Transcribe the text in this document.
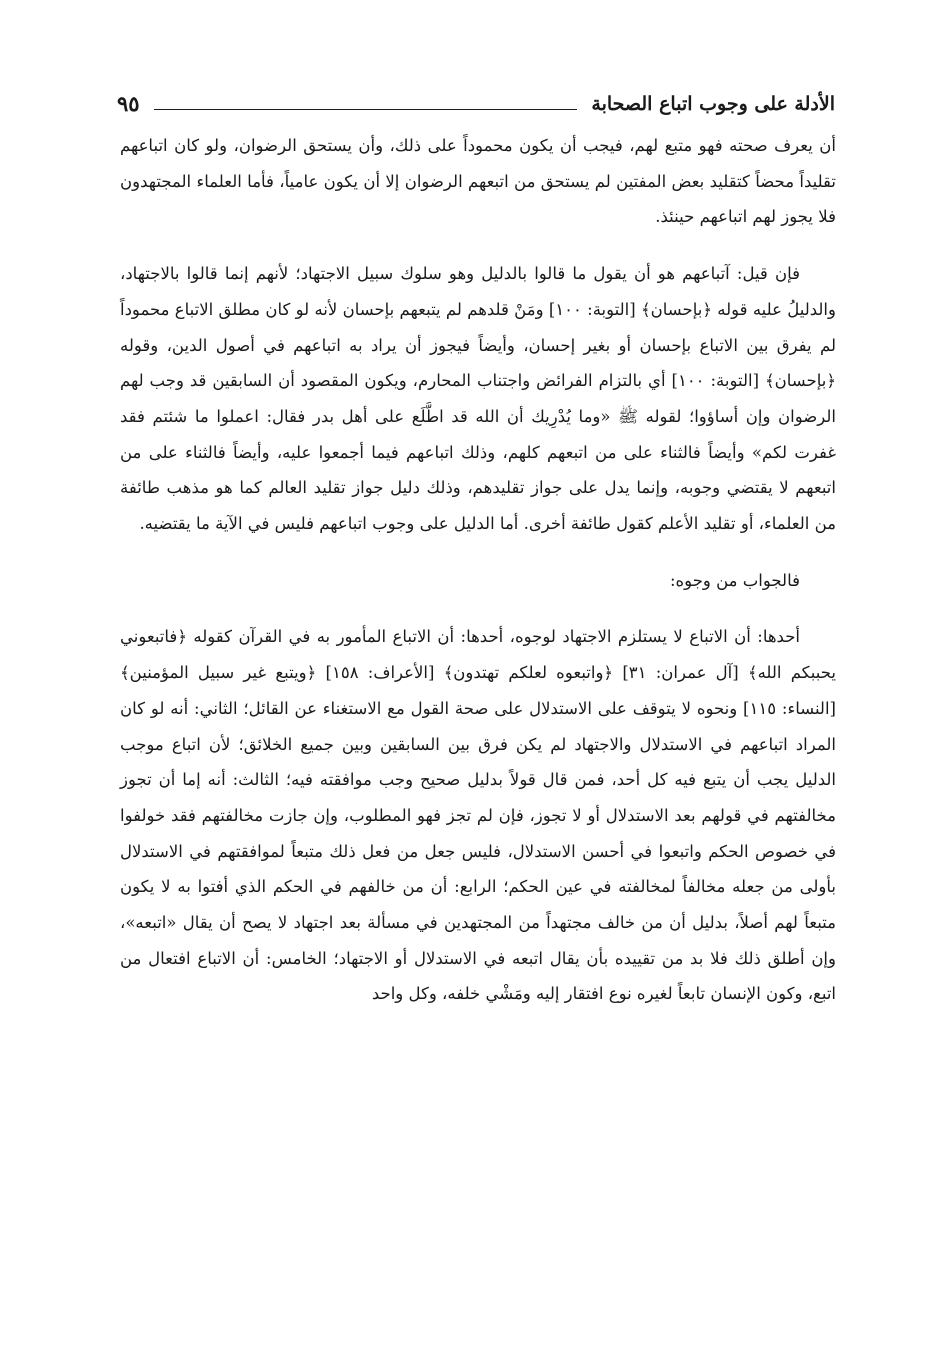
الأدلة على وجوب اتباع الصحابة
٩٥

أن يعرف صحته فهو متبع لهم، فيجب أن يكون محموداً على ذلك، وأن يستحق الرضوان، ولو كان اتباعهم تقليداً محضاً كتقليد بعض المفتين لم يستحق من اتبعهم الرضوان إلا أن يكون عامياً، فأما العلماء المجتهدون فلا يجوز لهم اتباعهم حينئذ.

فإن قيل: آتباعهم هو أن يقول ما قالوا بالدليل وهو سلوك سبيل الاجتهاد؛ لأنهم إنما قالوا بالاجتهاد، والدليلُ عليه قوله ﴿بإحسان﴾ [التوبة: ١٠٠] ومَنْ قلدهم لم يتبعهم بإحسان لأنه لو كان مطلق الاتباع محموداً لم يفرق بين الاتباع بإحسان أو بغير إحسان، وأيضاً فيجوز أن يراد به اتباعهم في أصول الدين، وقوله ﴿بإحسان﴾ [التوبة: ١٠٠] أي بالتزام الفرائض واجتناب المحارم، ويكون المقصود أن السابقين قد وجب لهم الرضوان وإن أساؤوا؛ لقوله ﷺ «وما يُدْرِيك أن الله قد اطَّلَع على أهل بدر فقال: اعملوا ما شئتم فقد غفرت لكم» وأيضاً فالثناء على من اتبعهم كلهم، وذلك اتباعهم فيما أجمعوا عليه، وأيضاً فالثناء على من اتبعهم لا يقتضي وجوبه، وإنما يدل على جواز تقليدهم، وذلك دليل جواز تقليد العالم كما هو مذهب طائفة من العلماء، أو تقليد الأعلم كقول طائفة أخرى. أما الدليل على وجوب اتباعهم فليس في الآية ما يقتضيه.

فالجواب من وجوه:

أحدها: أن الاتباع لا يستلزم الاجتهاد لوجوه، أحدها: أن الاتباع المأمور به في القرآن كقوله ﴿فاتبعوني يحببكم الله﴾ [آل عمران: ٣١] ﴿واتبعوه لعلكم تهتدون﴾ [الأعراف: ١٥٨] ﴿ويتبع غير سبيل المؤمنين﴾ [النساء: ١١٥] ونحوه لا يتوقف على الاستدلال على صحة القول مع الاستغناء عن القائل؛ الثاني: أنه لو كان المراد اتباعهم في الاستدلال والاجتهاد لم يكن فرق بين السابقين وبين جميع الخلائق؛ لأن اتباع موجب الدليل يجب أن يتبع فيه كل أحد، فمن قال قولاً بدليل صحيح وجب موافقته فيه؛ الثالث: أنه إما أن تجوز مخالفتهم في قولهم بعد الاستدلال أو لا تجوز، فإن لم تجز فهو المطلوب، وإن جازت مخالفتهم فقد خولفوا في خصوص الحكم واتبعوا في أحسن الاستدلال، فليس جعل من فعل ذلك متبعاً لموافقتهم في الاستدلال بأولى من جعله مخالفاً لمخالفته في عين الحكم؛ الرابع: أن من خالفهم في الحكم الذي أفتوا به لا يكون متبعاً لهم أصلاً، بدليل أن من خالف مجتهداً من المجتهدين في مسألة بعد اجتهاد لا يصح أن يقال «اتبعه»، وإن أطلق ذلك فلا بد من تقييده بأن يقال اتبعه في الاستدلال أو الاجتهاد؛ الخامس: أن الاتباع افتعال من اتبع، وكون الإنسان تابعاً لغيره نوع افتقار إليه ومَشْي خلفه، وكل واحد
